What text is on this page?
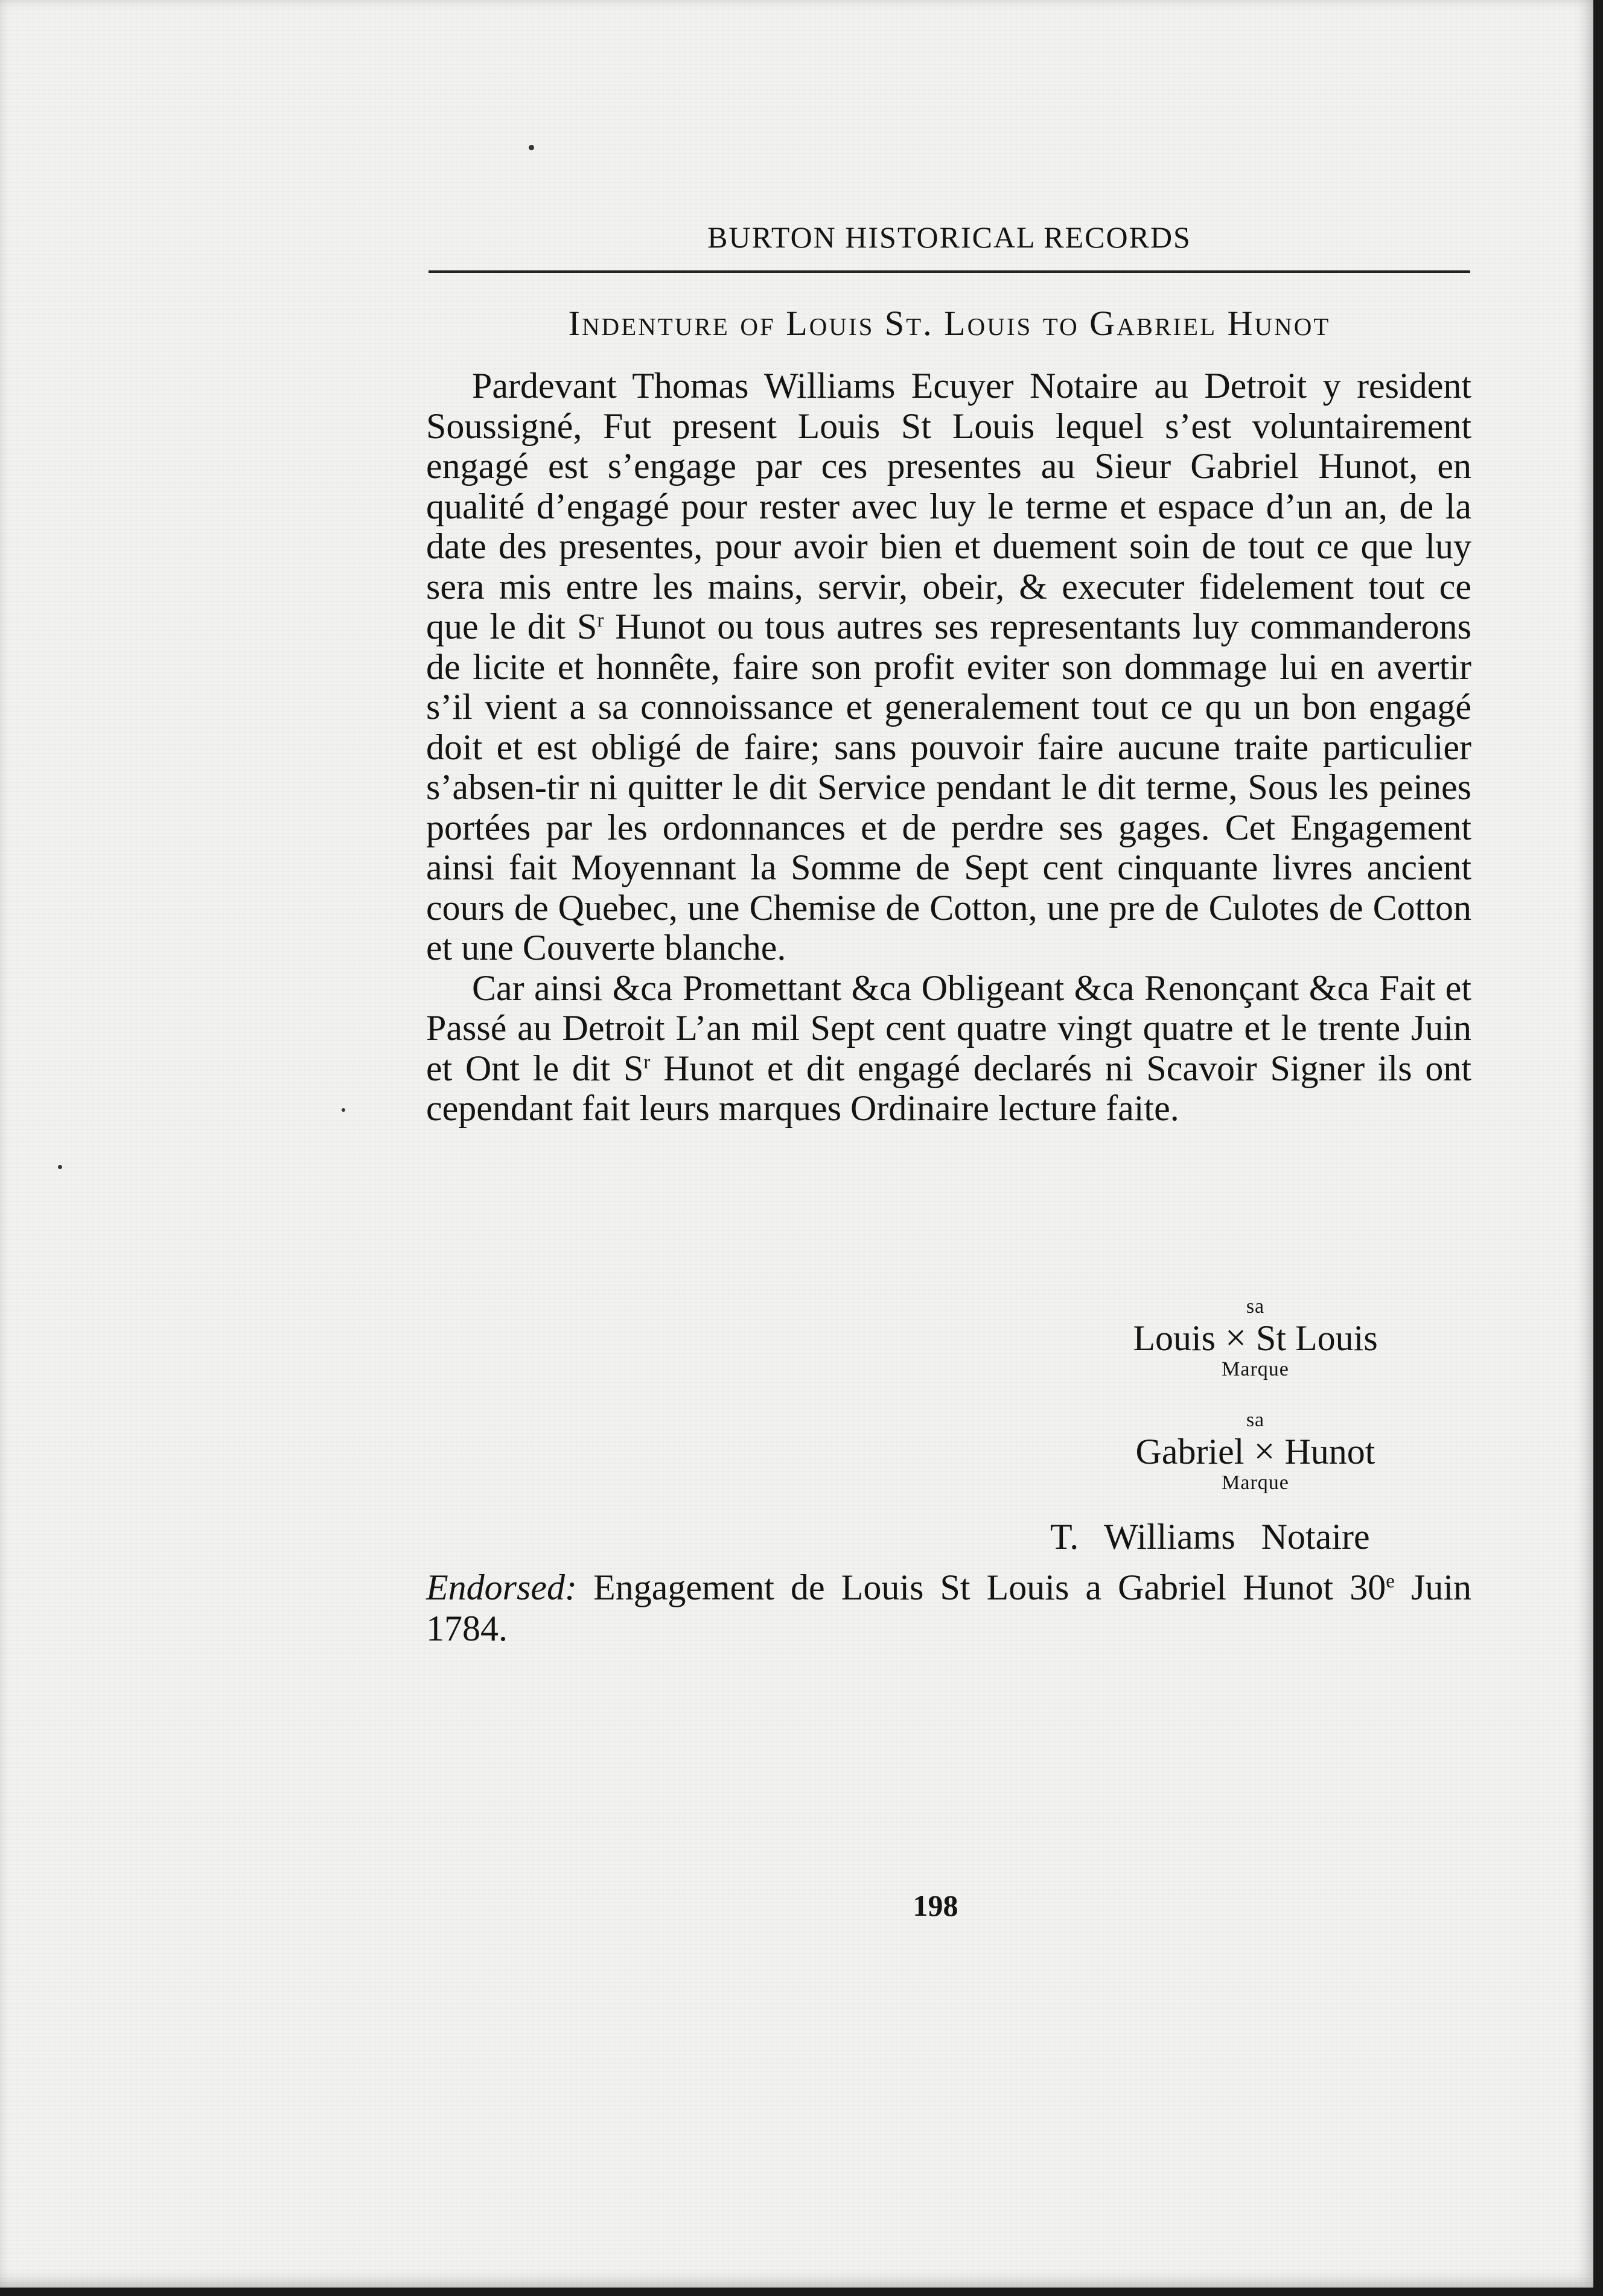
BURTON HISTORICAL RECORDS
Indenture of Louis St. Louis to Gabriel Hunot

Pardevant Thomas Williams Ecuyer Notaire au Detroit y resident Soussigné, Fut present Louis St Louis lequel s’est voluntairement engagé est s’engage par ces presentes au Sieur Gabriel Hunot, en qualité d’engagé pour rester avec luy le terme et espace d’un an, de la date des presentes, pour avoir bien et duement soin de tout ce que luy sera mis entre les mains, servir, obeir, & executer fidelement tout ce que le dit $S^r$ Hunot ou tous autres ses representants luy commanderons de licite et honnête, faire son profit eviter son dommage lui en avertir s’il vient a sa connoissance et generalement tout ce qu un bon engagé doit et est obligé de faire; sans pouvoir faire aucune traite particulier s’absen-tir ni quitter le dit Service pendant le dit terme, Sous les peines portées par les ordonnances et de perdre ses gages. Cet Engagement ainsi fait Moyennant la Somme de Sept cent cinquante livres ancient cours de Quebec, une Chemise de Cotton, une pre de Culotes de Cotton et une Couverte blanche.

Car ainsi &ca Promettant &ca Obligeant &ca Renonçant &ca Fait et Passé au Detroit L’an mil Sept cent quatre vingt quatre et le trente Juin et Ont le dit $S^r$ Hunot et dit engagé declarés ni Scavoir Signer ils ont cependant fait leurs marques Ordinaire lecture faite.

sa
Louis × St Louis
Marque
sa
Gabriel × Hunot
Marque
T. Williams Notaire
Endorsed: Engagement de Louis St Louis a Gabriel Hunot 30e Juin 1784.
198
